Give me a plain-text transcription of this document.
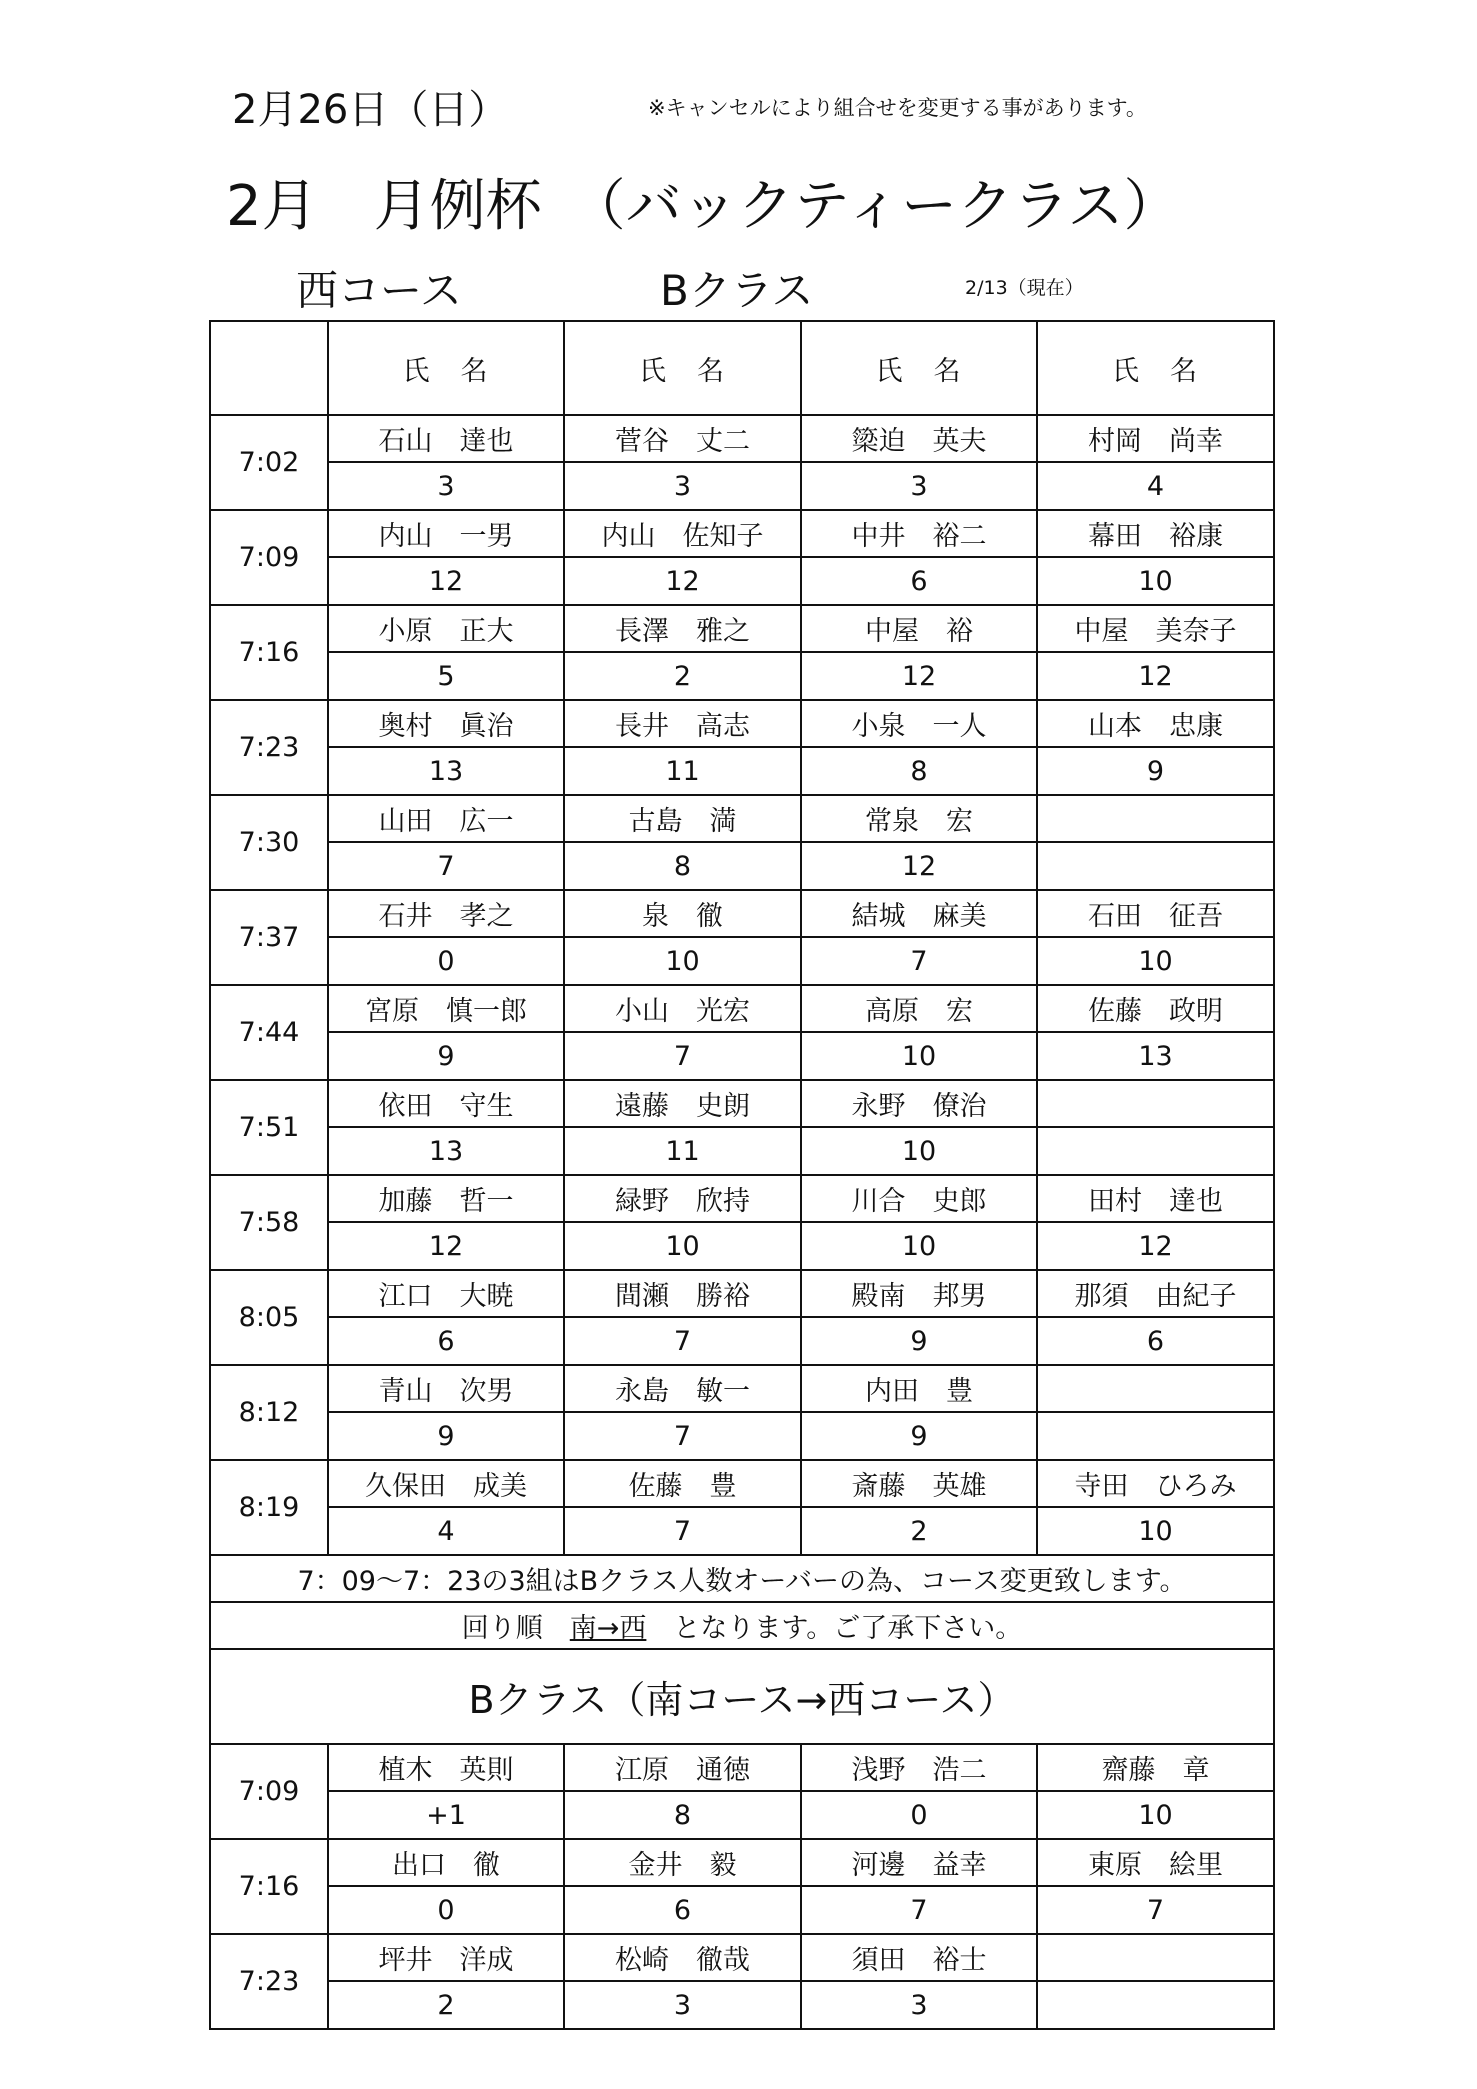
2月26日（日）	※キャンセルにより組合せを変更する事があります。
2月　月例杯　（バックティークラス）
西コース	Bクラス	2/13（現在）
	氏　名	氏　名	氏　名	氏　名
7:02	石山　達也	菅谷　丈二	簗迫　英夫	村岡　尚幸
	3	3	3	4
7:09	内山　一男	内山　佐知子	中井　裕二	幕田　裕康
	12	12	6	10
7:16	小原　正大	長澤　雅之	中屋　裕	中屋　美奈子
	5	2	12	12
7:23	奥村　眞治	長井　高志	小泉　一人	山本　忠康
	13	11	8	9
7:30	山田　広一	古島　満	常泉　宏	
	7	8	12	
7:37	石井　孝之	泉　徹	結城　麻美	石田　征吾
	0	10	7	10
7:44	宮原　慎一郎	小山　光宏	高原　宏	佐藤　政明
	9	7	10	13
7:51	依田　守生	遠藤　史朗	永野　僚治	
	13	11	10	
7:58	加藤　哲一	緑野　欣持	川合　史郎	田村　達也
	12	10	10	12
8:05	江口　大暁	間瀬　勝裕	殿南　邦男	那須　由紀子
	6	7	9	6
8:12	青山　次男	永島　敏一	内田　豊	
	9	7	9	
8:19	久保田　成美	佐藤　豊	斎藤　英雄	寺田　ひろみ
	4	7	2	10
7：09〜7：23の3組はBクラス人数オーバーの為、コース変更致します。				
回り順　南→西　となります。ご了承下さい。				
Bクラス（南コース→西コース）				
7:09	植木　英則	江原　通徳	浅野　浩二	齋藤　章
	+1	8	0	10
7:16	出口　徹	金井　毅	河邊　益幸	東原　絵里
	0	6	7	7
7:23	坪井　洋成	松崎　徹哉	須田　裕士	
	2	3	3	
